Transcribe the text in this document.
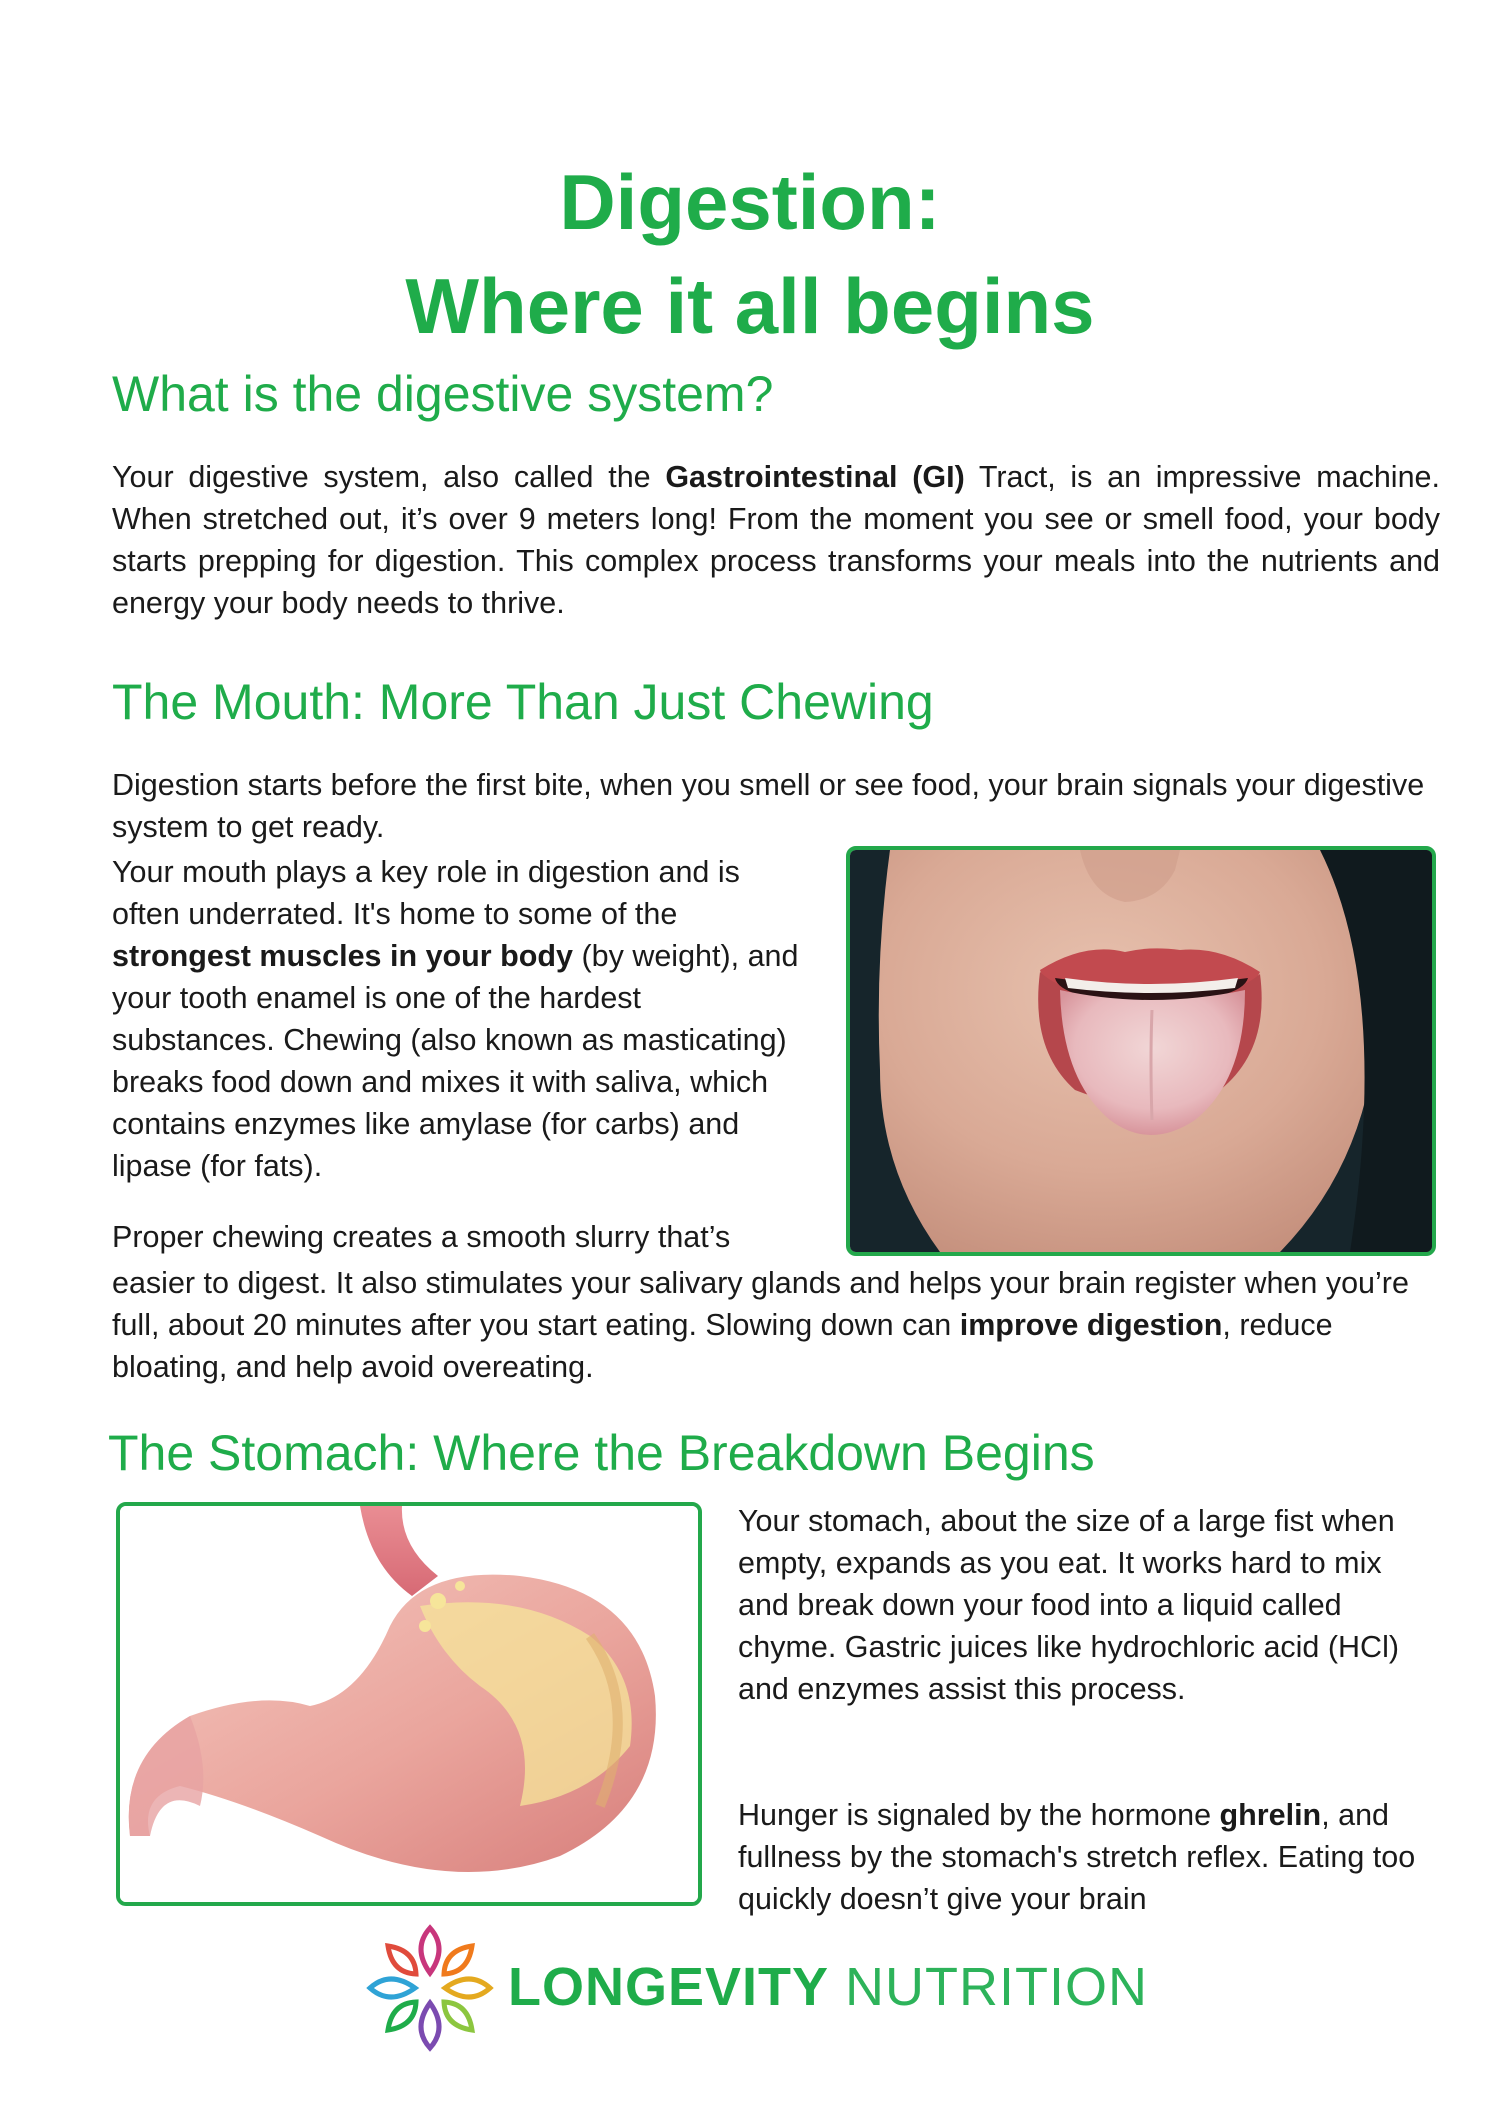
Digestion:
Where it all begins
What is the digestive system?

Your digestive system, also called the Gastrointestinal (GI) Tract, is an impressive machine. When stretched out, it’s over 9 meters long! From the moment you see or smell food, your body starts prepping for digestion. This complex process transforms your meals into the nutrients and energy your body needs to thrive.

The Mouth: More Than Just Chewing

Digestion starts before the first bite, when you smell or see food, your brain signals your digestive system to get ready.

Your mouth plays a key role in digestion and is often underrated. It's home to some of the strongest muscles in your body (by weight), and your tooth enamel is one of the hardest substances. Chewing (also known as masticating) breaks food down and mixes it with saliva, which contains enzymes like amylase (for carbs) and lipase (for fats).

Proper chewing creates a smooth slurry that’s

easier to digest. It also stimulates your salivary glands and helps your brain register when you’re full, about 20 minutes after you start eating. Slowing down can improve digestion, reduce bloating, and help avoid overeating.

The Stomach: Where the Breakdown Begins

Your stomach, about the size of a large fist when empty, expands as you eat. It works hard to mix and break down your food into a liquid called chyme. Gastric juices like hydrochloric acid (HCl) and enzymes assist this process.

Hunger is signaled by the hormone ghrelin, and fullness by the stomach's stretch reflex. Eating too quickly doesn’t give your brain

LONGEVITY NUTRITION
